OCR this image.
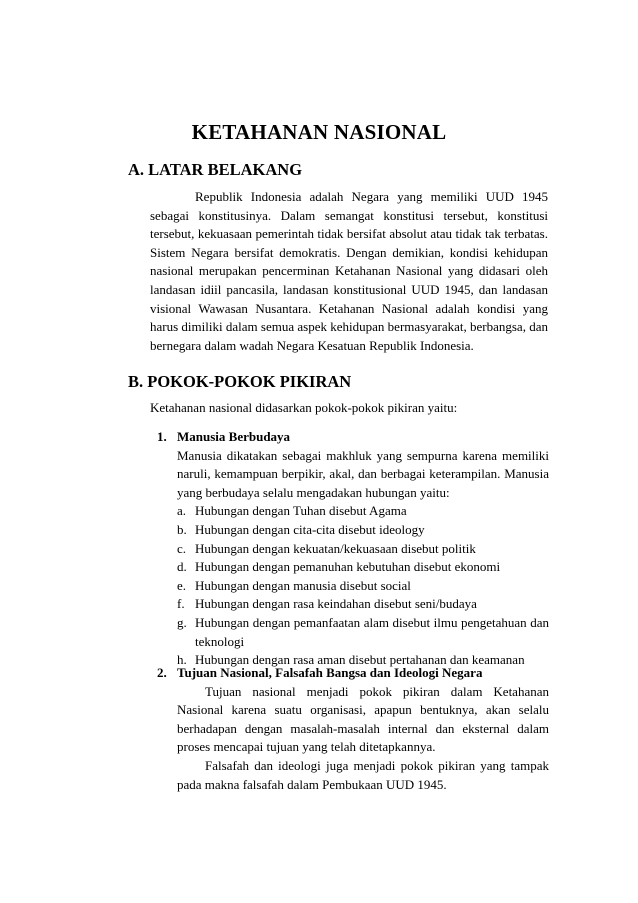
KETAHANAN NASIONAL
A. LATAR BELAKANG

Republik Indonesia adalah Negara yang memiliki UUD 1945 sebagai konstitusinya. Dalam semangat konstitusi tersebut, konstitusi tersebut, kekuasaan pemerintah tidak bersifat absolut atau tidak tak terbatas. Sistem Negara bersifat demokratis. Dengan demikian, kondisi kehidupan nasional merupakan pencerminan Ketahanan Nasional yang didasari oleh landasan idiil pancasila, landasan konstitusional UUD 1945, dan landasan visional Wawasan Nusantara. Ketahanan Nasional adalah kondisi yang harus dimiliki dalam semua aspek kehidupan bermasyarakat, berbangsa, dan bernegara dalam wadah Negara Kesatuan Republik Indonesia.

B. POKOK-POKOK PIKIRAN
Ketahanan nasional didasarkan pokok-pokok pikiran yaitu:
1. Manusia Berbudaya

Manusia dikatakan sebagai makhluk yang sempurna karena memiliki naruli, kemampuan berpikir, akal, dan berbagai keterampilan. Manusia yang berbudaya selalu mengadakan hubungan yaitu:

a. Hubungan dengan Tuhan disebut Agama
b. Hubungan dengan cita-cita disebut ideology
c. Hubungan dengan kekuatan/kekuasaan disebut politik
d. Hubungan dengan pemanuhan kebutuhan disebut ekonomi
e. Hubungan dengan manusia disebut social
f. Hubungan dengan rasa keindahan disebut seni/budaya
g. Hubungan dengan pemanfaatan alam disebut ilmu pengetahuan dan teknologi
h. Hubungan dengan rasa aman disebut pertahanan dan keamanan
2. Tujuan Nasional, Falsafah Bangsa dan Ideologi Negara

Tujuan nasional menjadi pokok pikiran dalam Ketahanan Nasional karena suatu organisasi, apapun bentuknya, akan selalu berhadapan dengan masalah-masalah internal dan eksternal dalam proses mencapai tujuan yang telah ditetapkannya.

Falsafah dan ideologi juga menjadi pokok pikiran yang tampak pada makna falsafah dalam Pembukaan UUD 1945.
